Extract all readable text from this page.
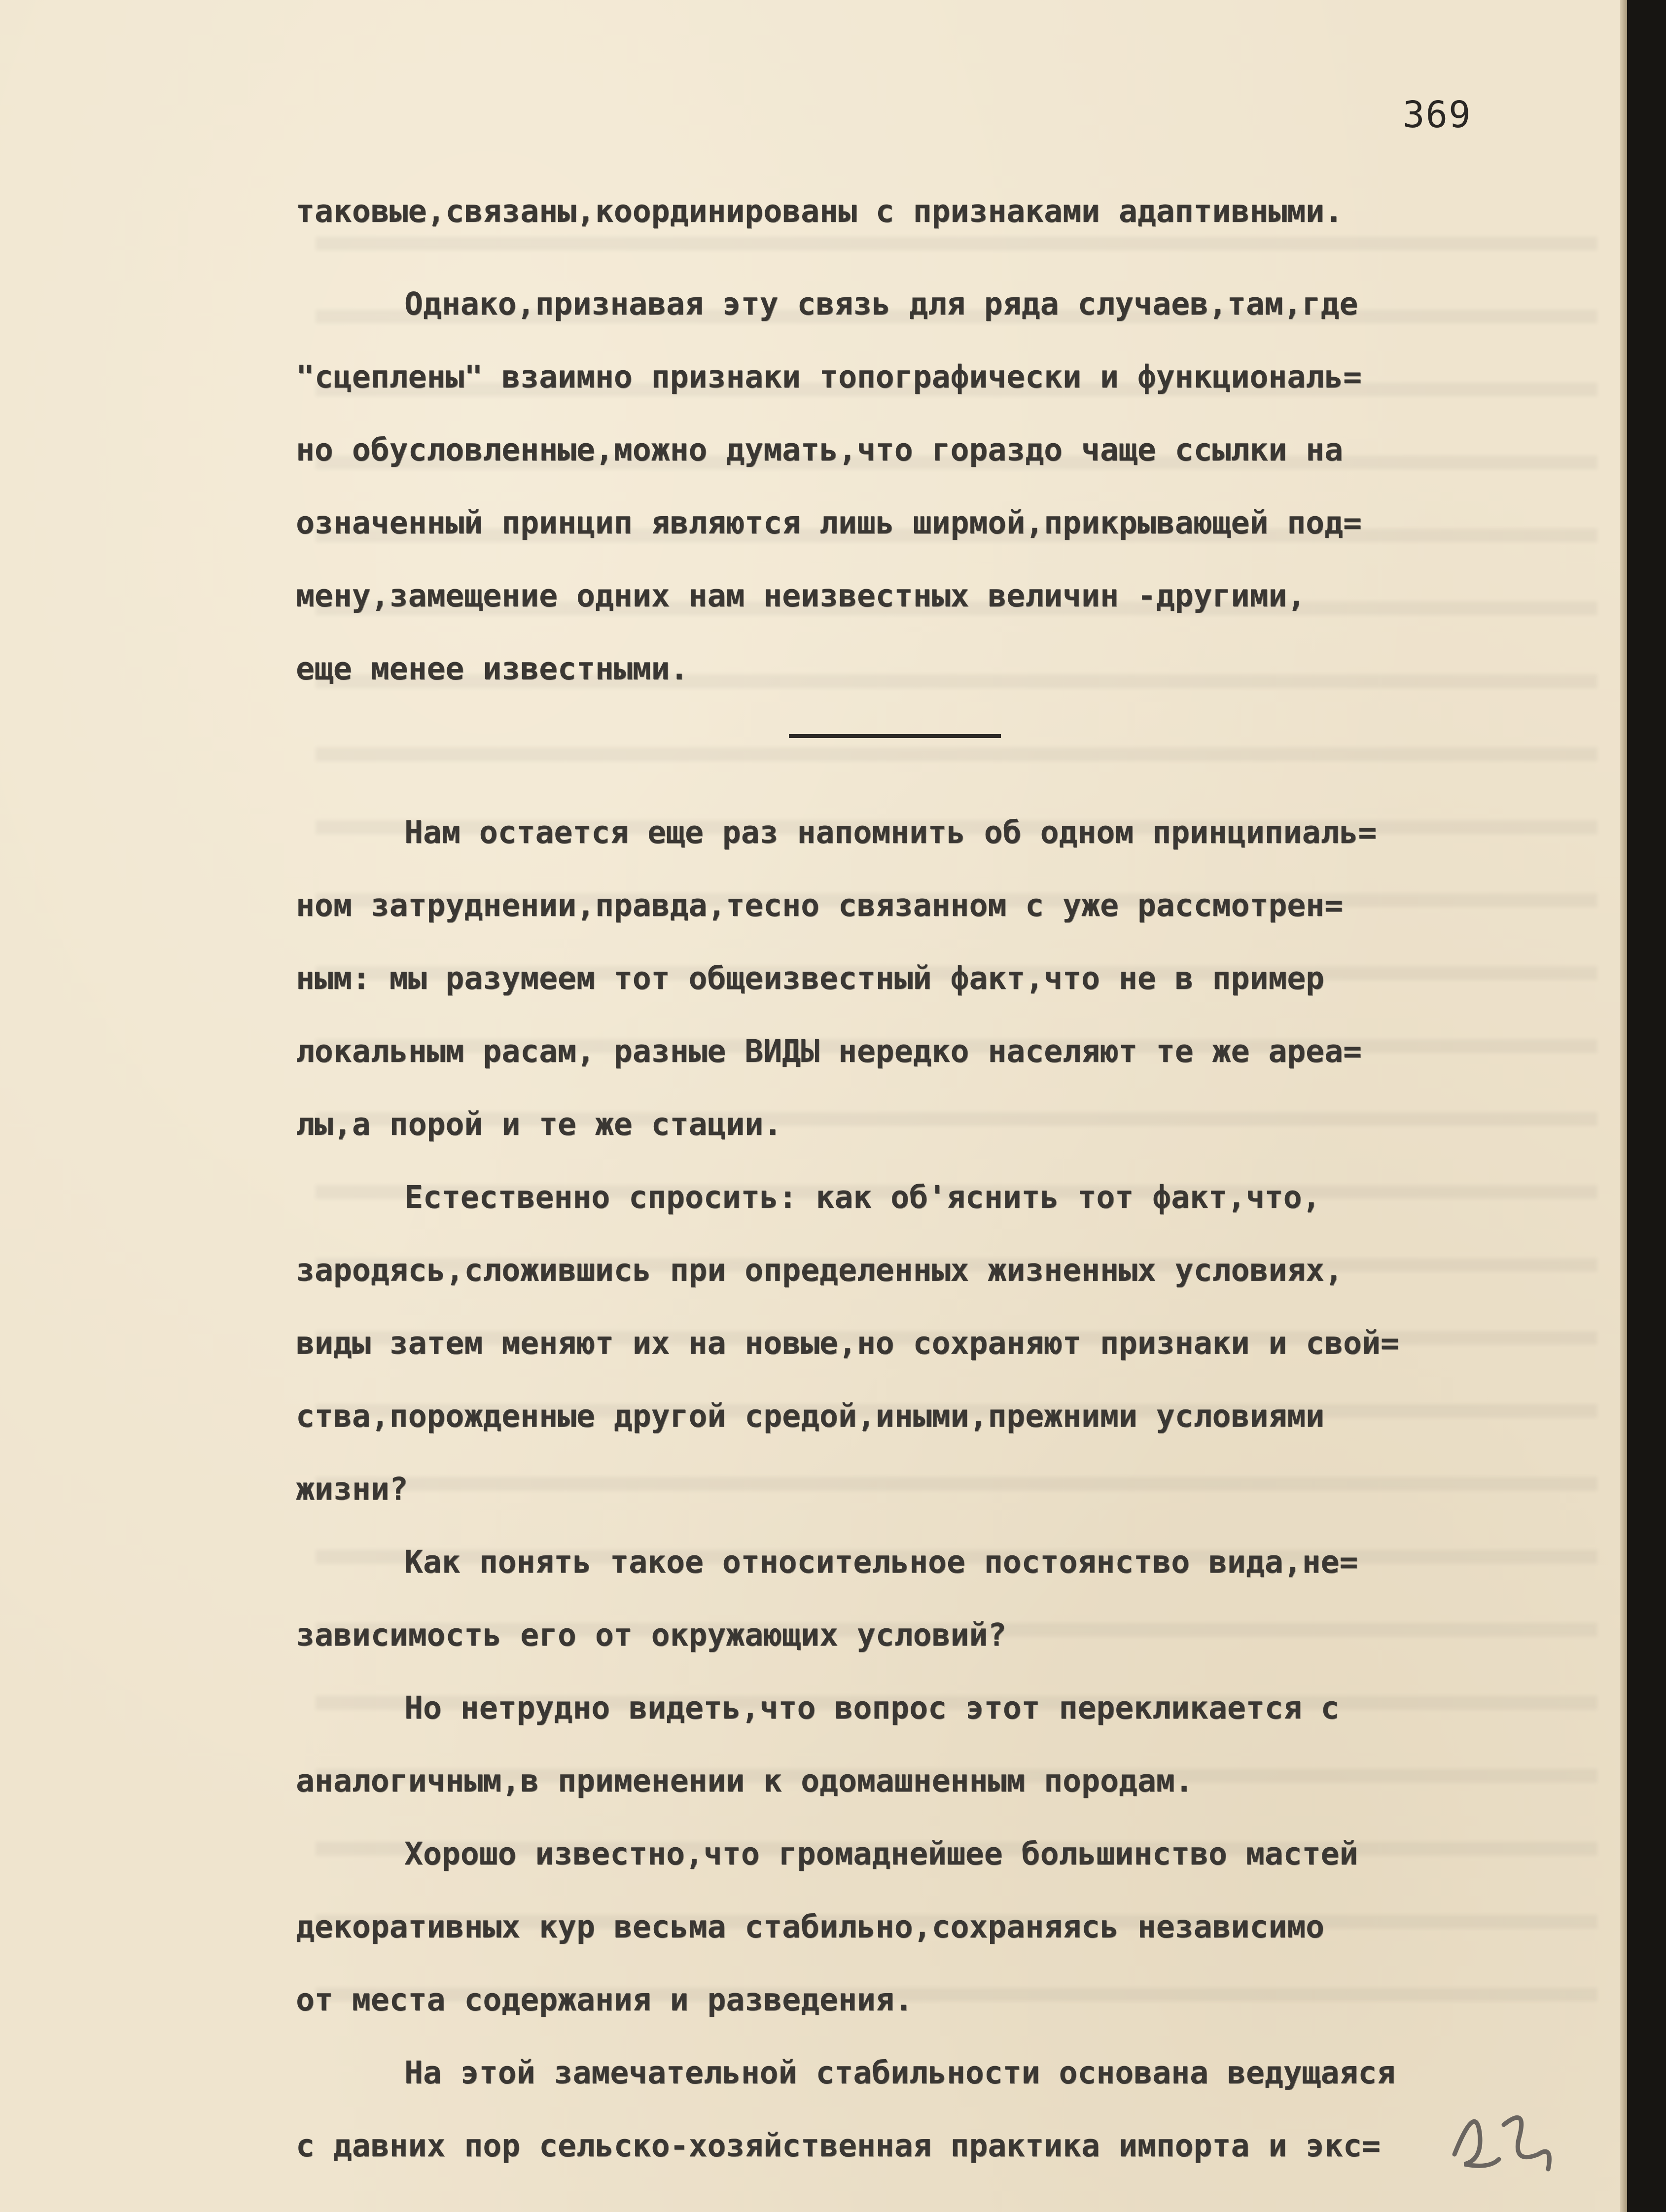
369
таковые,связаны,координированы с признаками адаптивными.
Однако,признавая эту связь для ряда случаев,там,где
"сцеплены" взаимно признаки топографически и функциональ=
но обусловленные,можно думать,что гораздо чаще ссылки на
означенный принцип являются лишь ширмой,прикрывающей под=
мену,замещение одних нам неизвестных величин -другими,
еще менее известными.
Нам остается еще раз напомнить об одном принципиаль=
ном затруднении,правда,тесно связанном с уже рассмотрен=
ным: мы разумеем тот общеизвестный факт,что не в пример
локальным расам, разные ВИДЫ нередко населяют те же ареа=
лы,а порой и те же стации.
Естественно спросить: как об'яснить тот факт,что,
зародясь,сложившись при определенных жизненных условиях,
виды затем меняют их на новые,но сохраняют признаки и свой=
ства,порожденные другой средой,иными,прежними условиями
жизни?
Как понять такое относительное постоянство вида,не=
зависимость его от окружающих условий?
Но нетрудно видеть,что вопрос этот перекликается с
аналогичным,в применении к одомашненным породам.
Хорошо известно,что громаднейшее большинство мастей
декоративных кур весьма стабильно,сохраняясь независимо
от места содержания и разведения.
На этой замечательной стабильности основана ведущаяся
с давних пор сельско-хозяйственная практика импорта и экс=
